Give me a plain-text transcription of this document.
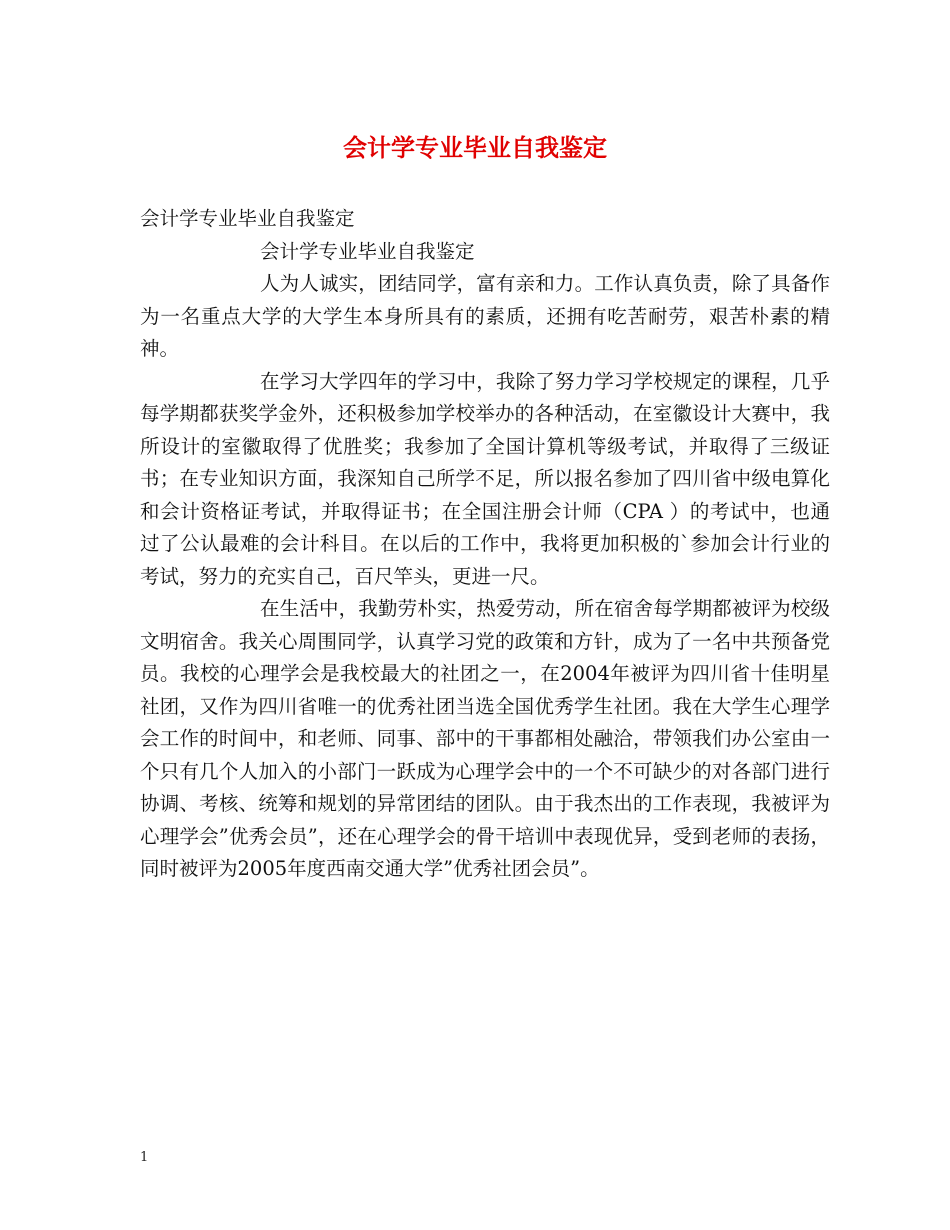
会计学专业毕业自我鉴定

会计学专业毕业自我鉴定

会计学专业毕业自我鉴定

人为人诚实，团结同学，富有亲和力。工作认真负责，除了具备作为一名重点大学的大学生本身所具有的素质，还拥有吃苦耐劳，艰苦朴素的精神。

在学习大学四年的学习中，我除了努力学习学校规定的课程，几乎每学期都获奖学金外，还积极参加学校举办的各种活动，在室徽设计大赛中，我所设计的室徽取得了优胜奖；我参加了全国计算机等级考试，并取得了三级证书；在专业知识方面，我深知自己所学不足，所以报名参加了四川省中级电算化和会计资格证考试，并取得证书；在全国注册会计师（CPA ）的考试中，也通过了公认最难的会计科目。在以后的工作中，我将更加积极的`参加会计行业的考试，努力的充实自己，百尺竿头，更进一尺。

在生活中，我勤劳朴实，热爱劳动，所在宿舍每学期都被评为校级文明宿舍。我关心周围同学，认真学习党的政策和方针，成为了一名中共预备党员。我校的心理学会是我校最大的社团之一，在2004年被评为四川省十佳明星社团，又作为四川省唯一的优秀社团当选全国优秀学生社团。我在大学生心理学会工作的时间中，和老师、同事、部中的干事都相处融洽，带领我们办公室由一个只有几个人加入的小部门一跃成为心理学会中的一个不可缺少的对各部门进行协调、考核、统筹和规划的异常团结的团队。由于我杰出的工作表现，我被评为心理学会”优秀会员”，还在心理学会的骨干培训中表现优异，受到老师的表扬，同时被评为2005年度西南交通大学”优秀社团会员”。

1
